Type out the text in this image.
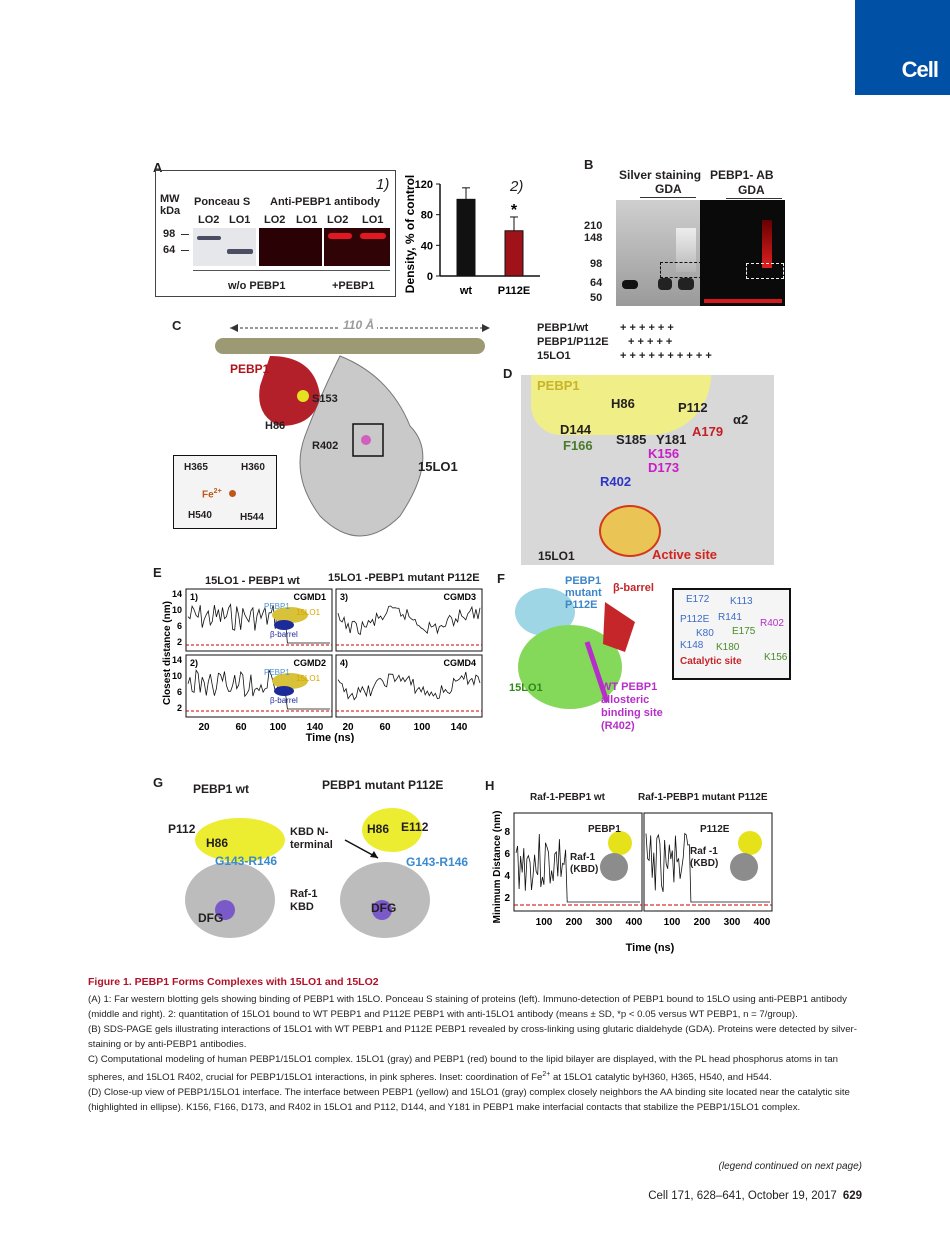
Cell
A
MW
kDa
98
64
Ponceau S Anti-PEBP1 antibody
1)
LO2 LO1 LO2 LO1 LO2 LO1
w/o PEBP1	+PEBP1
2)
Density, % of control 0
40
80
120
wt P112E
*
B
Silver staining PEBP1- AB
GDA	GDA
210
148
98
64
50
PEBP1/wt	+ + + + + +
PEBP1/P112E + + + + +
15LO1	+ + + + + + + + + +
C	110 Å
PEBP1
S153
H86
R402
15LO1
H365	H360
$Fe^{2+}$
H540	H544
D
PEBP1
H86	P112
α2
D144
S185 Y181
A179
F166
K156
D173
R402
15LO1	Active site
E
15LO1 - PEBP1 wt	15LO1 -PEBP1 mutant P112E
Closest distance (nm)
1)	CGMD1 3)	CGMD3
2)	CGMD2 4)	CGMD4
14
14
10
10
6
6
2
2
20	60 100 140 20	60 100 140
PEBP1
15LO1
β-barrel
PEBP1
15LO1
β-barrel
Time (ns)
F	PEBP1 mutant P112E
β-barrel
15LO1	WT PEBP1 allosteric binding site (R402)
E172 K113
R141
P112E
K80 E175
R402
K148 K180
Catalytic site K156
G PEBP1 wt	PEBP1 mutant P112E
P112
H86
G143-R146
DFG
KBD N-terminal
Raf-1 KBD
H86 E112
G143-R146
DFG
H
Raf-1-PEBP1 wt	Raf-1-PEBP1 mutant P112E
Minimum Distance (nm) 8
6
4
2
100 200 300 400 100 200 300 400
Time (ns)
PEBP1	P112E
Raf-1 (KBD)
Raf -1 (KBD)

Figure 1. PEBP1 Forms Complexes with 15LO1 and 15LO2

(A) 1: Far western blotting gels showing binding of PEBP1 with 15LO. Ponceau S staining of proteins (left). Immuno-detection of PEBP1 bound to 15LO using anti-PEBP1 antibody (middle and right). 2: quantitation of 15LO1 bound to WT PEBP1 and P112E PEBP1 with anti-15LO1 antibody (means ± SD, *p < 0.05 versus WT PEBP1, n = 7/group).

(B) SDS-PAGE gels illustrating interactions of 15LO1 with WT PEBP1 and P112E PEBP1 revealed by cross-linking using glutaric dialdehyde (GDA). Proteins were detected by silver-staining or by anti-PEBP1 antibodies.

C) Computational modeling of human PEBP1/15LO1 complex. 15LO1 (gray) and PEBP1 (red) bound to the lipid bilayer are displayed, with the PL head phosphorus atoms in tan spheres, and 15LO1 R402, crucial for PEBP1/15LO1 interactions, in pink spheres. Inset: coordination of $Fe^{2+}$ at 15LO1 catalytic byH360, H365, H540, and H544.

(D) Close-up view of PEBP1/15LO1 interface. The interface between PEBP1 (yellow) and 15LO1 (gray) complex closely neighbors the AA binding site located near the catalytic site (highlighted in ellipse). K156, F166, D173, and R402 in 15LO1 and P112, D144, and Y181 in PEBP1 make interfacial contacts that stabilize the PEBP1/15LO1 complex.

(legend continued on next page)
Cell 171, 628–641, October 19, 2017 629
